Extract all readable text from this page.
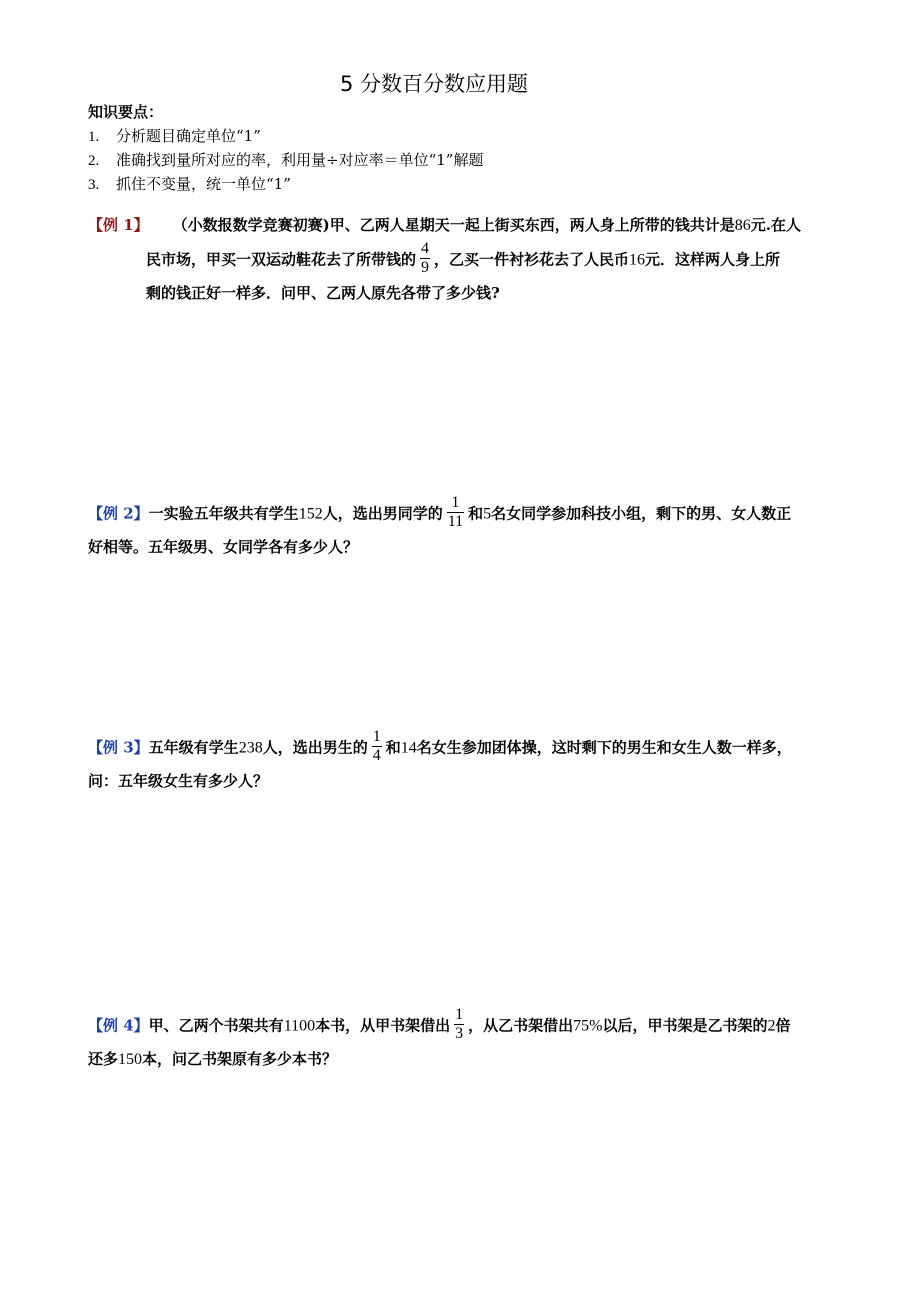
5 分数百分数应用题
知识要点：
1. 分析题目确定单位“1”
2. 准确找到量所对应的率，利用量÷对应率＝单位“1”解题
3. 抓住不变量，统一单位“1”
【例 1】 （小数报数学竞赛初赛)甲、乙两人星期天一起上街买东西，两人身上所带的钱共计是86元.在人
民市场，甲买一双运动鞋花去了所带钱的 $\frac{4}{9}$ ，乙买一件衬衫花去了人民币16元．这样两人身上所
剩的钱正好一样多．问甲、乙两人原先各带了多少钱?
【例 2】一实验五年级共有学生152人，选出男同学的 $\frac{1}{11}$ 和5名女同学参加科技小组，剩下的男、女人数正
好相等。五年级男、女同学各有多少人？
【例 3】五年级有学生238人，选出男生的 $\frac{1}{4}$ 和14名女生参加团体操，这时剩下的男生和女生人数一样多，
问：五年级女生有多少人？
【例 4】甲、乙两个书架共有1100本书，从甲书架借出 $\frac{1}{3}$ ，从乙书架借出75%以后，甲书架是乙书架的2倍
还多150本，问乙书架原有多少本书？
